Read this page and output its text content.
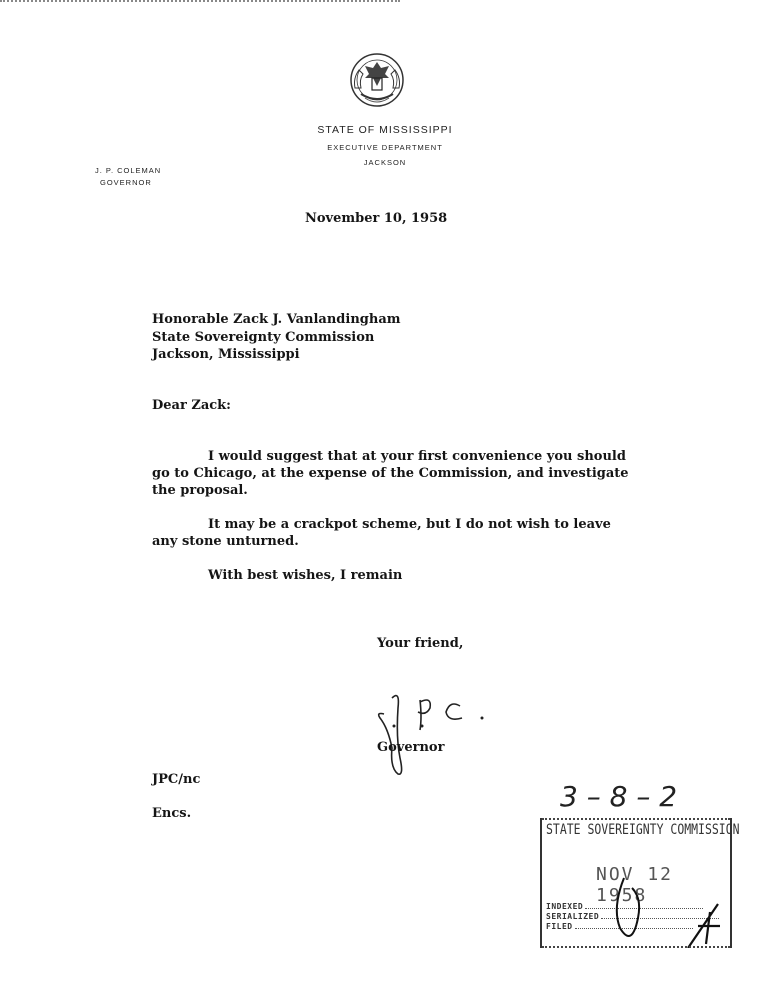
STATE OF MISSISSIPPI
EXECUTIVE DEPARTMENT
JACKSON
J. P. COLEMAN
GOVERNOR
November 10, 1958
Honorable Zack J. Vanlandingham
State Sovereignty Commission
Jackson, Mississippi
Dear Zack:
I would suggest that at your first convenience you should
go to Chicago, at the expense of the Commission, and investigate
the proposal.
It may be a crackpot scheme, but I do not wish to leave
any stone unturned.
With best wishes, I remain
Your friend,
Governor
JPC/nc
Encs.
3 – 8 – 2
STATE SOVEREIGNTY COMMISSION
NOV 12 1958
INDEXED
SERIALIZED
FILED
